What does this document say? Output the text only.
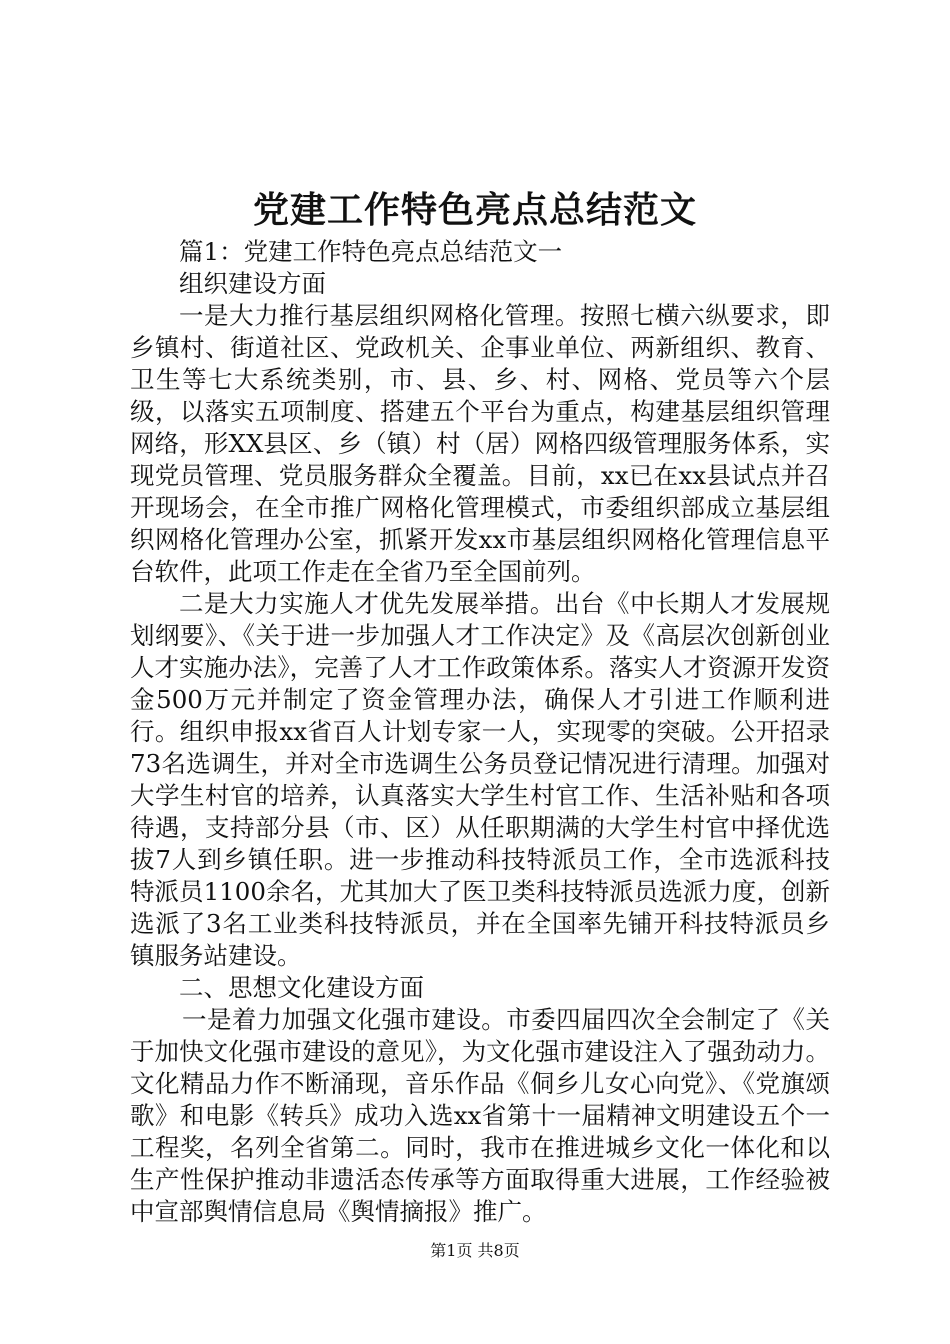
党建工作特色亮点总结范文

篇1：党建工作特色亮点总结范文一

组织建设方面

一是大力推行基层组织网格化管理。按照七横六纵要求，即乡镇村、街道社区、党政机关、企事业单位、两新组织、教育、卫生等七大系统类别，市、县、乡、村、网格、党员等六个层级，以落实五项制度、搭建五个平台为重点，构建基层组织管理网络，形XX县区、乡（镇）村（居）网格四级管理服务体系，实现党员管理、党员服务群众全覆盖。目前，xx已在xx县试点并召开现场会，在全市推广网格化管理模式，市委组织部成立基层组织网格化管理办公室，抓紧开发xx市基层组织网格化管理信息平台软件，此项工作走在全省乃至全国前列。

二是大力实施人才优先发展举措。出台《中长期人才发展规划纲要》、《关于进一步加强人才工作决定》及《高层次创新创业人才实施办法》，完善了人才工作政策体系。落实人才资源开发资金500万元并制定了资金管理办法，确保人才引进工作顺利进行。组织申报xx省百人计划专家一人，实现零的突破。公开招录73名选调生，并对全市选调生公务员登记情况进行清理。加强对大学生村官的培养，认真落实大学生村官工作、生活补贴和各项待遇，支持部分县（市、区）从任职期满的大学生村官中择优选拔7人到乡镇任职。进一步推动科技特派员工作，全市选派科技特派员1100余名，尤其加大了医卫类科技特派员选派力度，创新选派了3名工业类科技特派员，并在全国率先铺开科技特派员乡镇服务站建设。

二、思想文化建设方面

一是着力加强文化强市建设。市委四届四次全会制定了《关于加快文化强市建设的意见》，为文化强市建设注入了强劲动力。文化精品力作不断涌现，音乐作品《侗乡儿女心向党》、《党旗颂歌》和电影《转兵》成功入选xx省第十一届精神文明建设五个一工程奖，名列全省第二。同时，我市在推进城乡文化一体化和以生产性保护推动非遗活态传承等方面取得重大进展，工作经验被中宣部舆情信息局《舆情摘报》推广。

第1页 共8页
